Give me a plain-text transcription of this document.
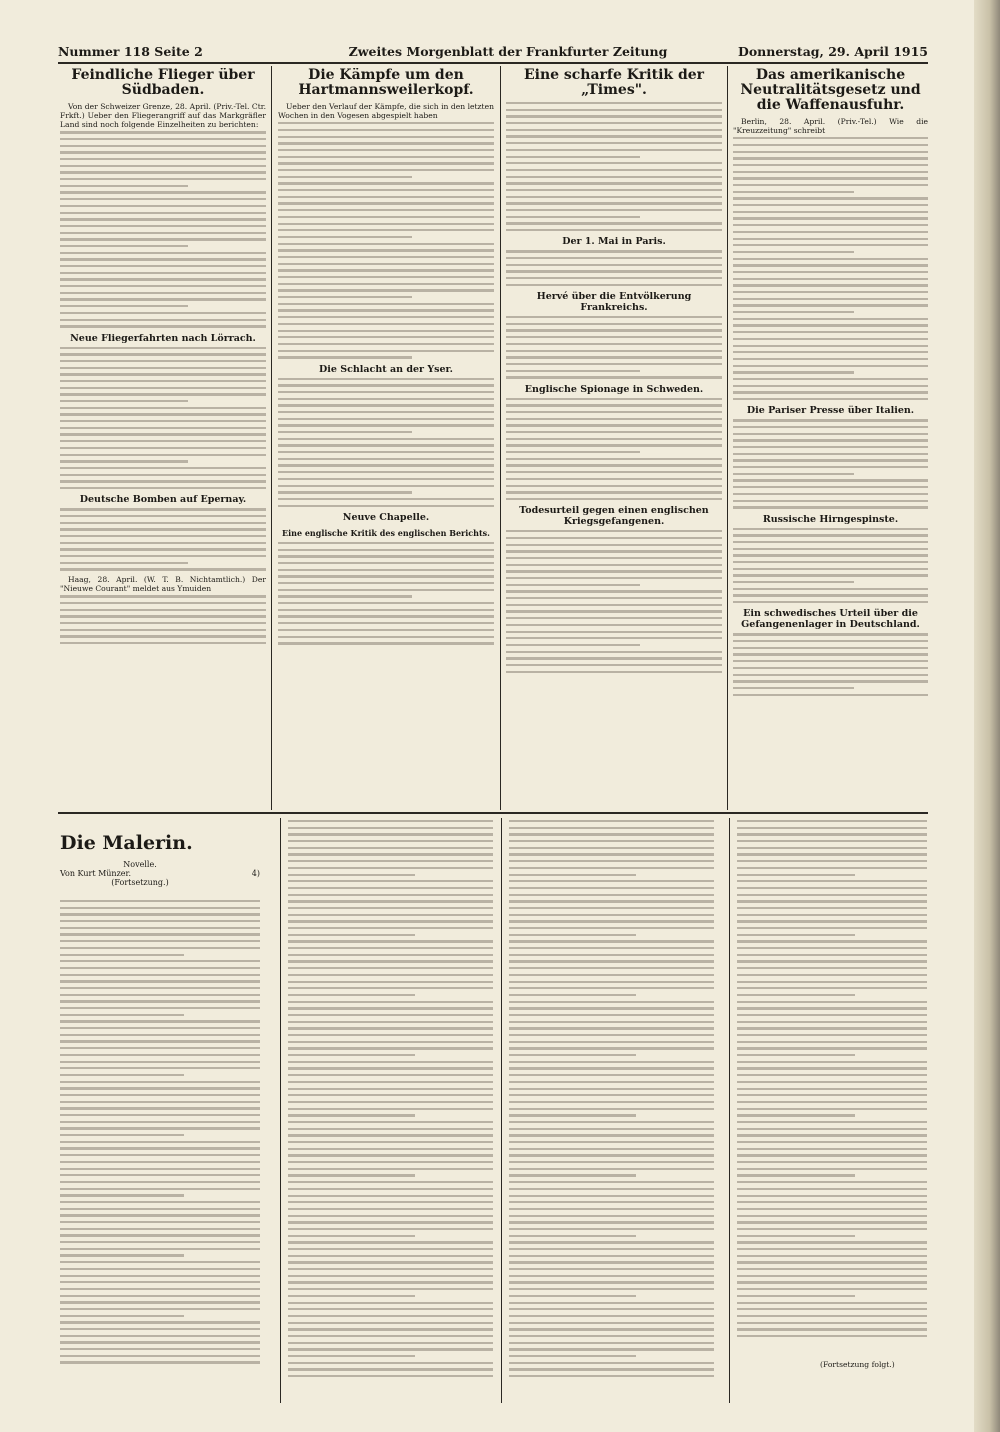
Nummer 118 Seite 2	Zweites Morgenblatt der Frankfurter Zeitung	Donnerstag, 29. April 1915
Feindliche Flieger über Südbaden.

Von der Schweizer Grenze, 28. April. (Priv.-Tel. Ctr. Frkft.) Ueber den Fliegerangriff auf das Markgräfler Land sind noch folgende Einzelheiten zu berichten:

Neue Fliegerfahrten nach Lörrach.
Deutsche Bomben auf Epernay.

Haag, 28. April. (W. T. B. Nichtamtlich.) Der "Nieuwe Courant" meldet aus Ymuiden

Die Kämpfe um den Hartmannsweilerkopf.

Ueber den Verlauf der Kämpfe, die sich in den letzten Wochen in den Vogesen abgespielt haben

Die Schlacht an der Yser.
Neuve Chapelle.
Eine englische Kritik des englischen Berichts.
Eine scharfe Kritik der „Times".
Der 1. Mai in Paris.
Hervé über die Entvölkerung Frankreichs.
Englische Spionage in Schweden.
Todesurteil gegen einen englischen Kriegsgefangenen.
Das amerikanische Neutralitätsgesetz und die Waffenausfuhr.

Berlin, 28. April. (Priv.-Tel.) Wie die "Kreuzzeitung" schreibt

Die Pariser Presse über Italien.
Russische Hirngespinste.
Ein schwedisches Urteil über die Gefangenenlager in Deutschland.
Die Malerin.
Novelle.
Von Kurt Münzer.	4)
(Fortsetzung.)
(Fortsetzung folgt.)
